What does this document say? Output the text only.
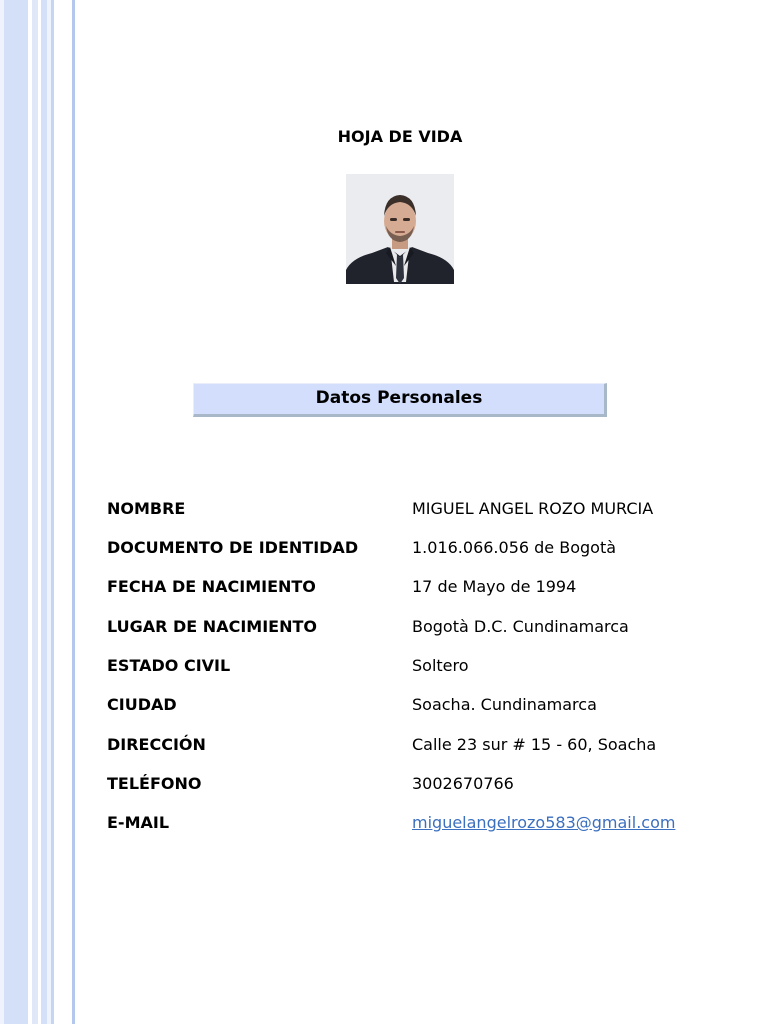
HOJA DE VIDA
Datos Personales
NOMBRE	MIGUEL ANGEL ROZO MURCIA
DOCUMENTO DE IDENTIDAD	1.016.066.056 de Bogotà
FECHA DE NACIMIENTO	17 de Mayo de 1994
LUGAR DE NACIMIENTO	Bogotà D.C. Cundinamarca
ESTADO CIVIL	Soltero
CIUDAD	Soacha. Cundinamarca
DIRECCIÓN	Calle 23 sur # 15 - 60, Soacha
TELÉFONO	3002670766
E-MAIL	miguelangelrozo583@gmail.com
